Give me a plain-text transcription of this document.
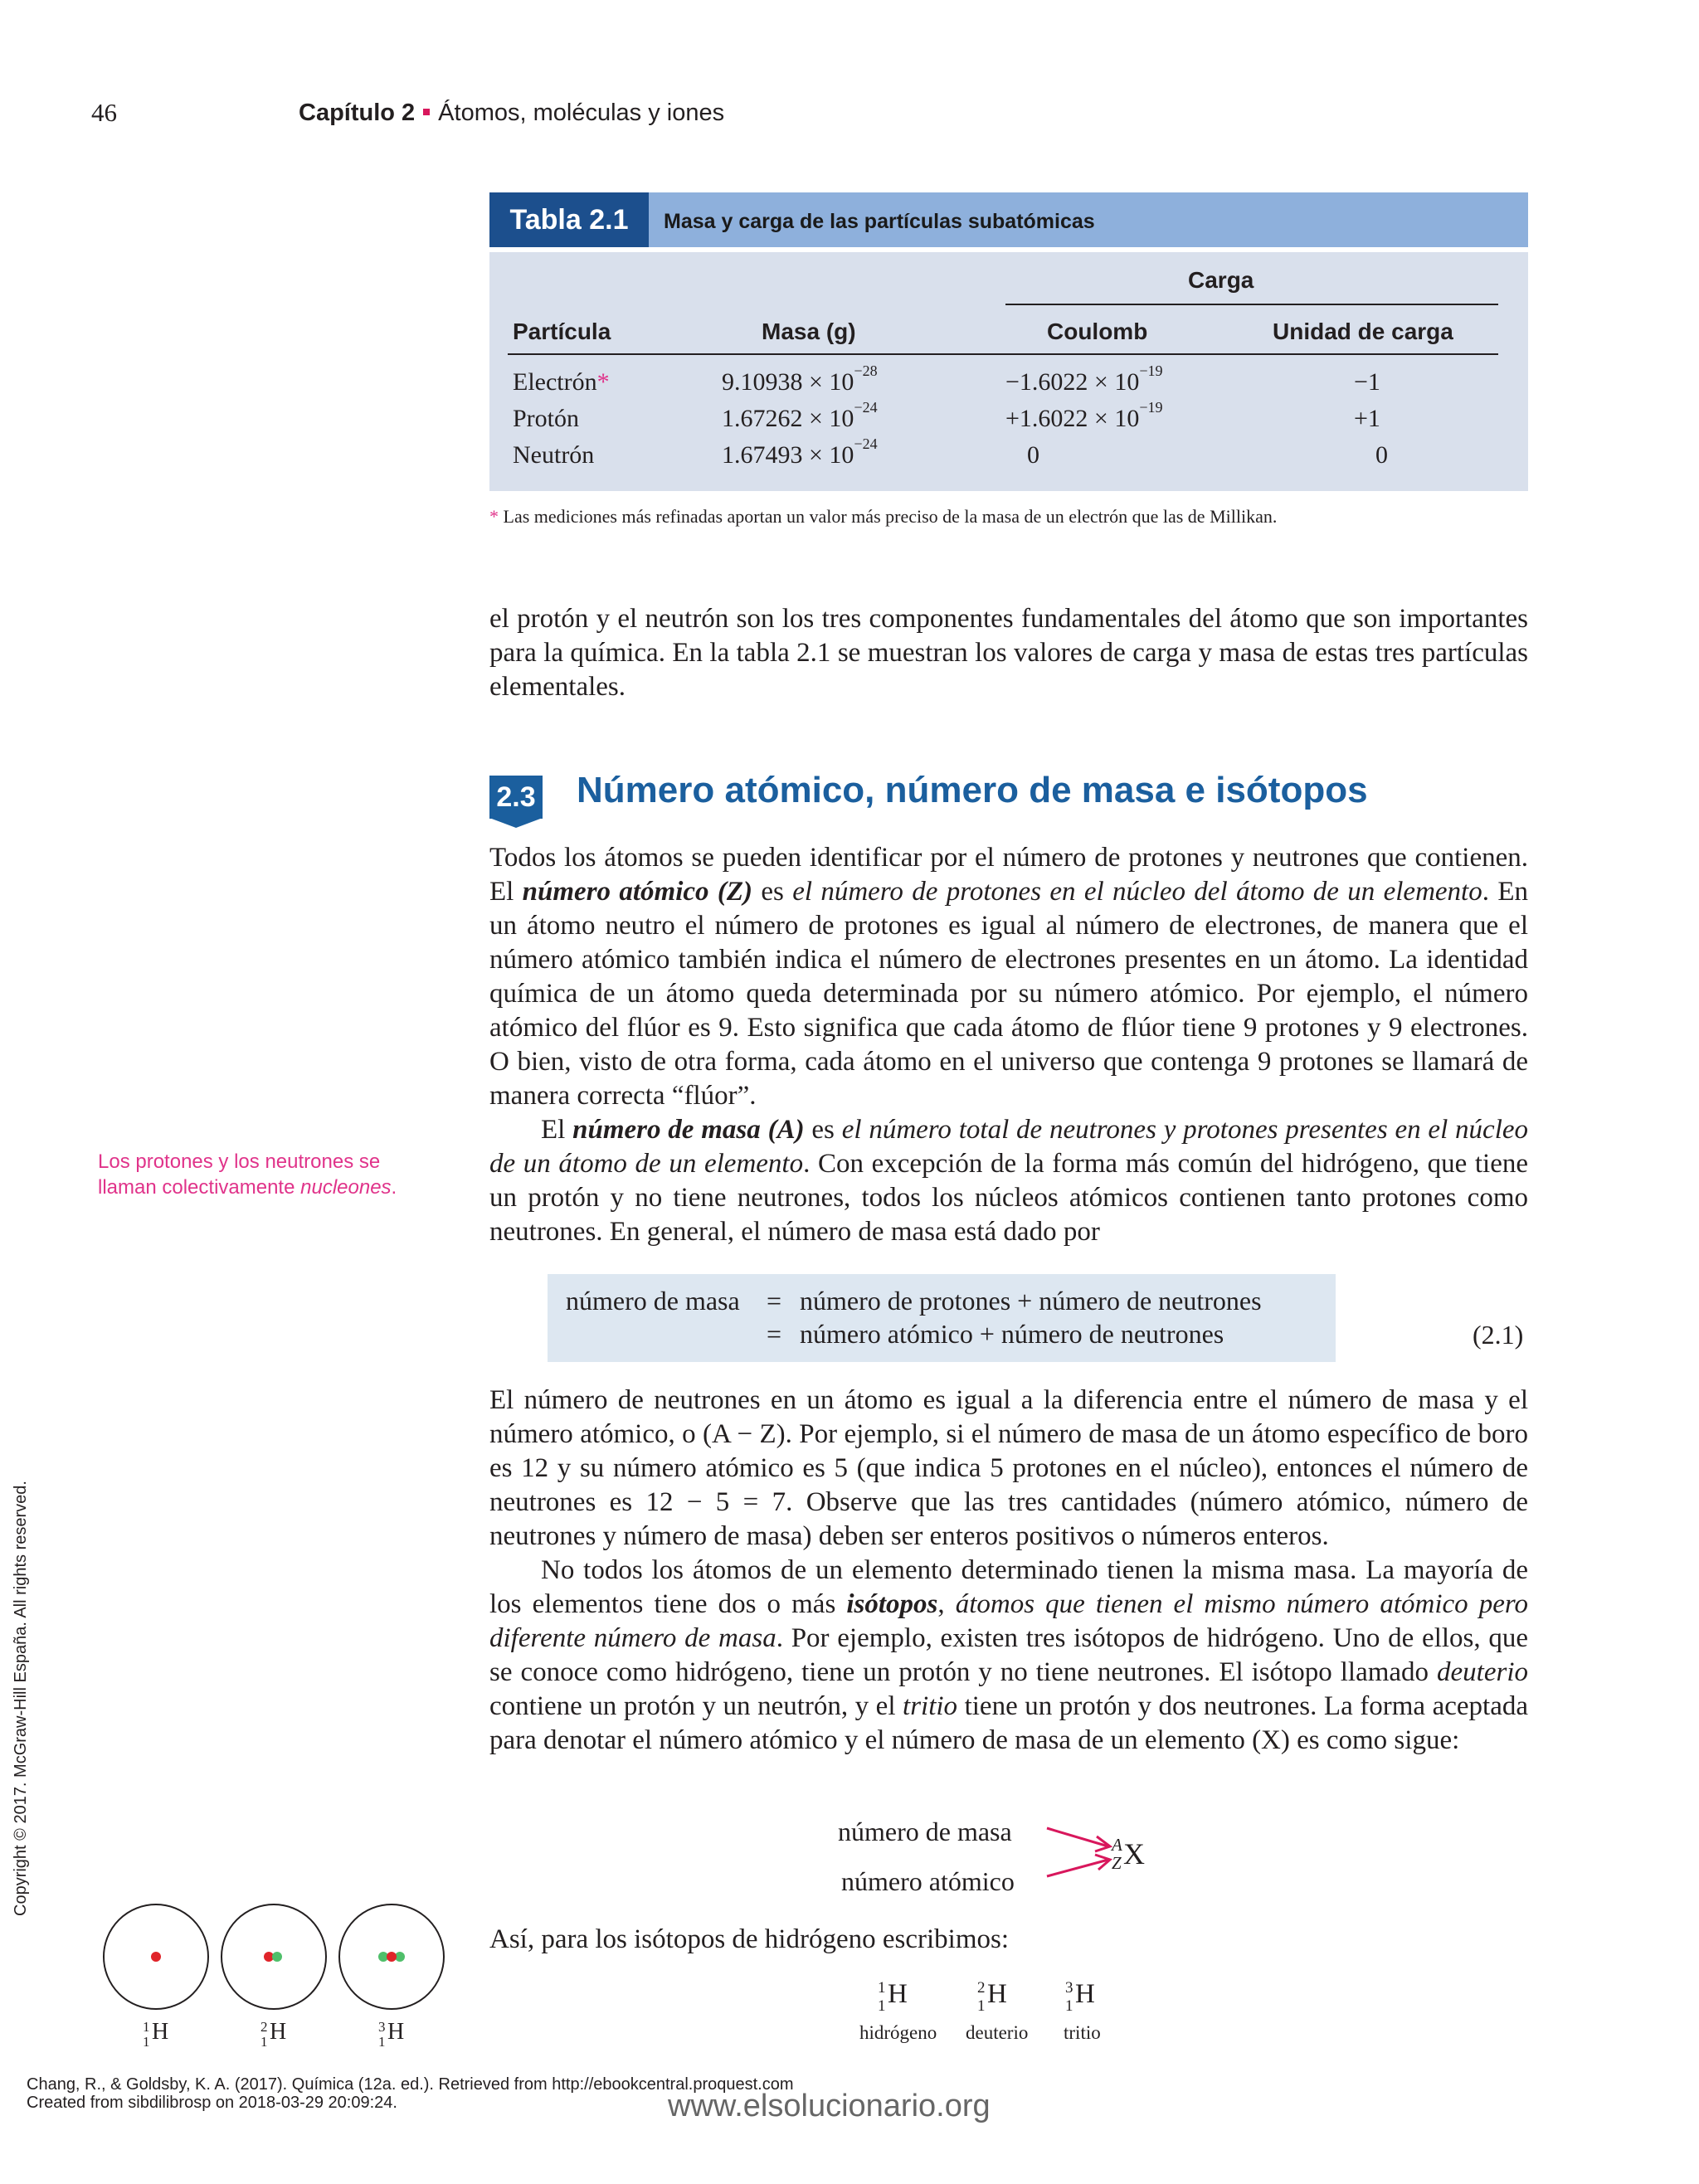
46	Capítulo 2 Átomos, moléculas y iones
Tabla 2.1	Masa y carga de las partículas subatómicas
Carga
Partícula	Masa (g)	Coulomb	Unidad de carga
Electrón*	9.10938 × 10−28	−1.6022 × 10−19	−1
Protón	1.67262 × 10−24	+1.6022 × 10−19	+1
Neutrón	1.67493 × 10−24	0	0
* Las mediciones más refinadas aportan un valor más preciso de la masa de un electrón que las de Millikan.
el protón y el neutrón son los tres componentes fundamentales del átomo que son importantes para la química. En la tabla 2.1 se muestran los valores de carga y masa de estas tres partículas elementales.
2.3 Número atómico, número de masa e isótopos

Todos los átomos se pueden identificar por el número de protones y neutrones que contienen. El número atómico (Z) es el número de protones en el núcleo del átomo de un elemento. En un átomo neutro el número de protones es igual al número de electrones, de manera que el número atómico también indica el número de electrones presentes en un átomo. La identidad química de un átomo queda determinada por su número atómico. Por ejemplo, el número atómico del flúor es 9. Esto significa que cada átomo de flúor tiene 9 protones y 9 electrones. O bien, visto de otra forma, cada átomo en el universo que contenga 9 protones se llamará de manera correcta “flúor”.

El número de masa (A) es el número total de neutrones y protones presentes en el núcleo de un átomo de un elemento. Con excepción de la forma más común del hidrógeno, que tiene un protón y no tiene neutrones, todos los núcleos atómicos contienen tanto protones como neutrones. En general, el número de masa está dado por

Los protones y los neutrones se llaman colectivamente nucleones.
número de masa = número de protones + número de neutrones
= número atómico + número de neutrones	(2.1)

El número de neutrones en un átomo es igual a la diferencia entre el número de masa y el número atómico, o (A − Z). Por ejemplo, si el número de masa de un átomo específico de boro es 12 y su número atómico es 5 (que indica 5 protones en el núcleo), entonces el número de neutrones es 12 − 5 = 7. Observe que las tres cantidades (número atómico, número de neutrones y número de masa) deben ser enteros positivos o números enteros.

No todos los átomos de un elemento determinado tienen la misma masa. La mayoría de los elementos tiene dos o más isótopos, átomos que tienen el mismo número atómico pero diferente número de masa. Por ejemplo, existen tres isótopos de hidrógeno. Uno de ellos, que se conoce como hidrógeno, tiene un protón y no tiene neutrones. El isótopo llamado deuterio contiene un protón y un neutrón, y el tritio tiene un protón y dos neutrones. La forma aceptada para denotar el número atómico y el número de masa de un elemento (X) es como sigue:

número de masa
número atómico
A
Z X
Así, para los isótopos de hidrógeno escribimos:
1
1 H	2
1 H	3
1 H
hidrógeno deuterio tritio
1
1 H	2
1 H	3
1 H
Copyright © 2017. McGraw-Hill España. All rights reserved.
Chang, R., & Goldsby, K. A. (2017). Química (12a. ed.). Retrieved from http://ebookcentral.proquest.com
Created from sibdilibrosp on 2018-03-29 20:09:24.	www.elsolucionario.org
